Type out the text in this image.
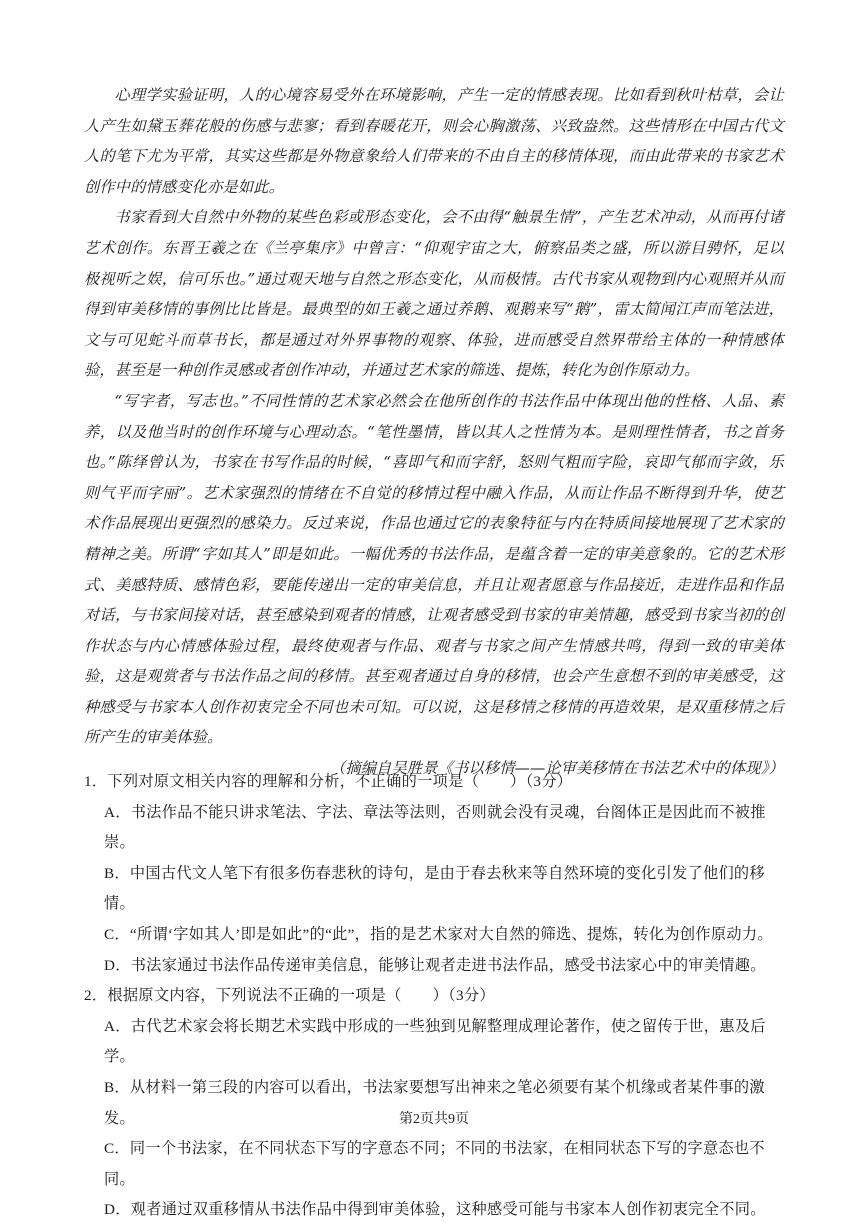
心理学实验证明，人的心境容易受外在环境影响，产生一定的情感表现。比如看到秋叶枯草，会让人产生如黛玉葬花般的伤感与悲寥；看到春暖花开，则会心胸激荡、兴致盎然。这些情形在中国古代文人的笔下尤为平常，其实这些都是外物意象给人们带来的不由自主的移情体现，而由此带来的书家艺术创作中的情感变化亦是如此。

书家看到大自然中外物的某些色彩或形态变化，会不由得“触景生情”，产生艺术冲动，从而再付诸艺术创作。东晋王羲之在《兰亭集序》中曾言：“仰观宇宙之大，俯察品类之盛，所以游目骋怀，足以极视听之娱，信可乐也。”通过观天地与自然之形态变化，从而极情。古代书家从观物到内心观照并从而得到审美移情的事例比比皆是。最典型的如王羲之通过养鹅、观鹅来写“鹅”，雷太简闻江声而笔法进，文与可见蛇斗而草书长，都是通过对外界事物的观察、体验，进而感受自然界带给主体的一种情感体验，甚至是一种创作灵感或者创作冲动，并通过艺术家的筛选、提炼，转化为创作原动力。

“写字者，写志也。”不同性情的艺术家必然会在他所创作的书法作品中体现出他的性格、人品、素养，以及他当时的创作环境与心理动态。“笔性墨情，皆以其人之性情为本。是则理性情者，书之首务也。”陈绎曾认为，书家在书写作品的时候，“喜即气和而字舒，怒则气粗而字险，哀即气郁而字敛，乐则气平而字丽”。艺术家强烈的情绪在不自觉的移情过程中融入作品，从而让作品不断得到升华，使艺术作品展现出更强烈的感染力。反过来说，作品也通过它的表象特征与内在特质间接地展现了艺术家的精神之美。所谓“字如其人”即是如此。一幅优秀的书法作品，是蕴含着一定的审美意象的。它的艺术形式、美感特质、感情色彩，要能传递出一定的审美信息，并且让观者愿意与作品接近，走进作品和作品对话，与书家间接对话，甚至感染到观者的情感，让观者感受到书家的审美情趣，感受到书家当初的创作状态与内心情感体验过程，最终使观者与作品、观者与书家之间产生情感共鸣，得到一致的审美体验，这是观赏者与书法作品之间的移情。甚至观者通过自身的移情，也会产生意想不到的审美感受，这种感受与书家本人创作初衷完全不同也未可知。可以说，这是移情之移情的再造效果，是双重移情之后所产生的审美体验。

（摘编自吴胜景《书以移情——论审美移情在书法艺术中的体现》）

1．下列对原文相关内容的理解和分析，不正确的一项是（　　）（3分）

A．书法作品不能只讲求笔法、字法、章法等法则，否则就会没有灵魂，台阁体正是因此而不被推崇。

B．中国古代文人笔下有很多伤春悲秋的诗句，是由于春去秋来等自然环境的变化引发了他们的移情。

C．“所谓‘字如其人’即是如此”的“此”，指的是艺术家对大自然的筛选、提炼，转化为创作原动力。

D．书法家通过书法作品传递审美信息，能够让观者走进书法作品，感受书法家心中的审美情趣。

2．根据原文内容，下列说法不正确的一项是（　　）（3分）

A．古代艺术家会将长期艺术实践中形成的一些独到见解整理成理论著作，使之留传于世，惠及后学。

B．从材料一第三段的内容可以看出，书法家要想写出神来之笔必须要有某个机缘或者某件事的激发。

C．同一个书法家，在不同状态下写的字意态不同；不同的书法家，在相同状态下写的字意态也不同。

D．观者通过双重移情从书法作品中得到审美体验，这种感受可能与书家本人创作初衷完全不同。

第2页共9页
